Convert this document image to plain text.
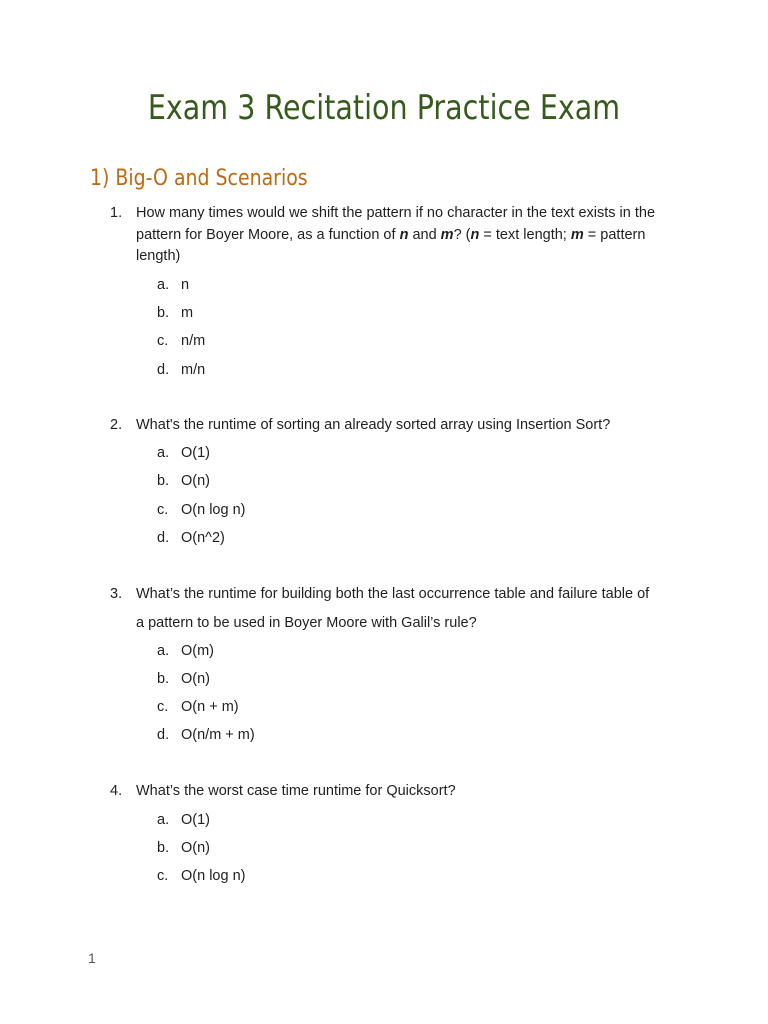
Exam 3 Recitation Practice Exam
1) Big-O and Scenarios
1. How many times would we shift the pattern if no character in the text exists in the pattern for Boyer Moore, as a function of n and m? (n = text length; m = pattern length)
a. n
b. m
c. n/m
d. m/n
2. What's the runtime of sorting an already sorted array using Insertion Sort?
a. O(1)
b. O(n)
c. O(n log n)
d. O(n^2)
3. What’s the runtime for building both the last occurrence table and failure table of
a pattern to be used in Boyer Moore with Galil’s rule?
a. O(m)
b. O(n)
c. O(n + m)
d. O(n/m + m)
4. What’s the worst case time runtime for Quicksort?
a. O(1)
b. O(n)
c. O(n log n)
1
